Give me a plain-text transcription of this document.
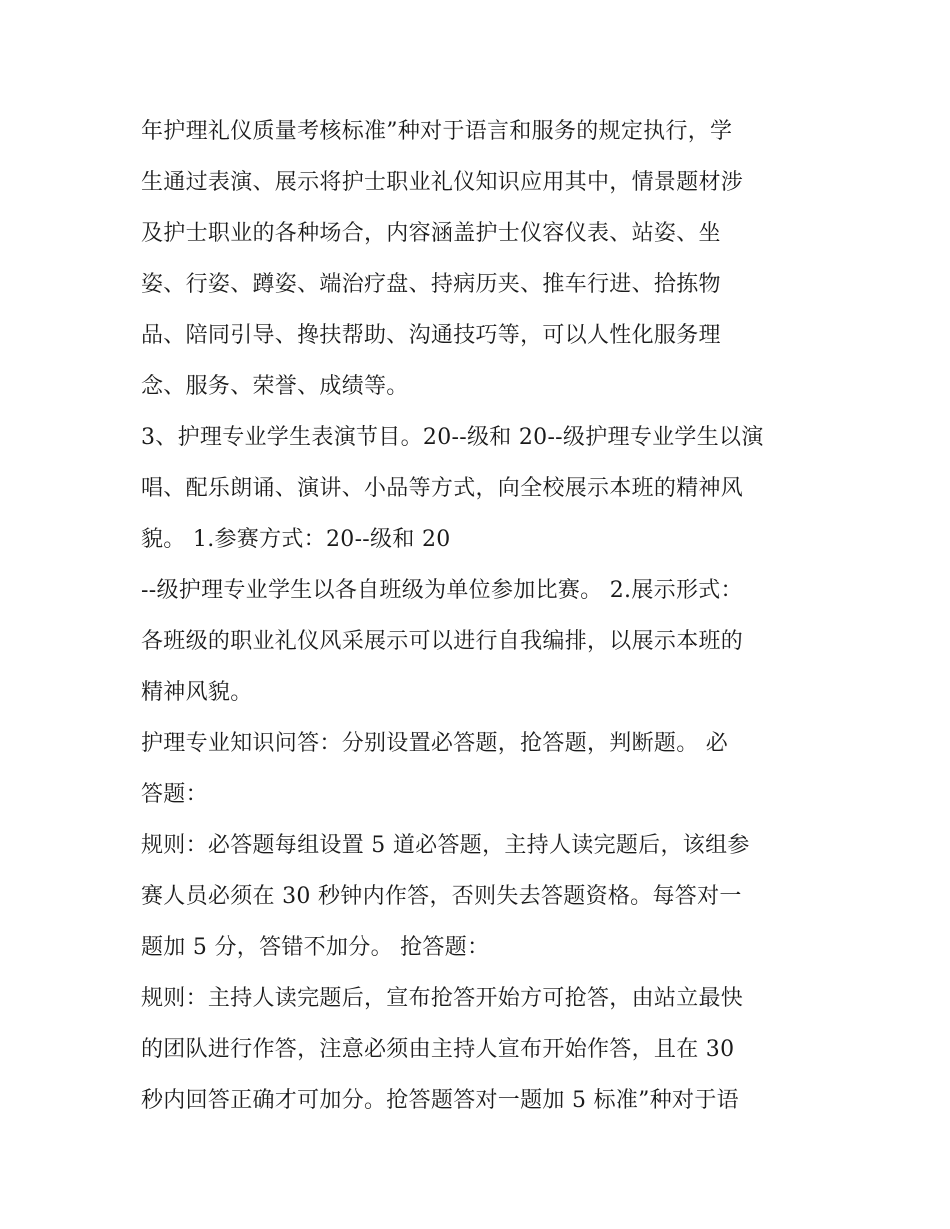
年护理礼仪质量考核标准”种对于语言和服务的规定执行，学
生通过表演、展示将护士职业礼仪知识应用其中，情景题材涉
及护士职业的各种场合，内容涵盖护士仪容仪表、站姿、坐
姿、行姿、蹲姿、端治疗盘、持病历夹、推车行进、拾拣物
品、陪同引导、搀扶帮助、沟通技巧等，可以人性化服务理
念、服务、荣誉、成绩等。
3、护理专业学生表演节目。20--级和 20--级护理专业学生以演
唱、配乐朗诵、演讲、小品等方式，向全校展示本班的精神风
貌。 1.参赛方式：20--级和 20
--级护理专业学生以各自班级为单位参加比赛。 2.展示形式：
各班级的职业礼仪风采展示可以进行自我编排，以展示本班的
精神风貌。
护理专业知识问答：分别设置必答题，抢答题，判断题。 必
答题：
规则：必答题每组设置 5 道必答题，主持人读完题后，该组参
赛人员必须在 30 秒钟内作答，否则失去答题资格。每答对一
题加 5 分，答错不加分。 抢答题：
规则：主持人读完题后，宣布抢答开始方可抢答，由站立最快
的团队进行作答，注意必须由主持人宣布开始作答，且在 30
秒内回答正确才可加分。抢答题答对一题加 5 标准”种对于语
